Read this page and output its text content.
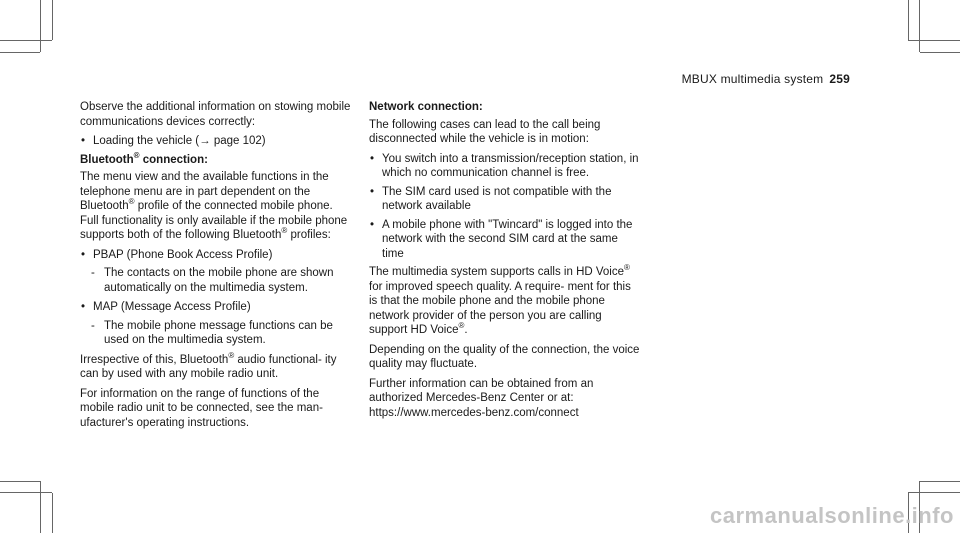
MBUX multimedia system 259

Observe the additional information on stowing mobile communications devices correctly:

• Loading the vehicle (→ page 102)
Bluetooth® connection:

The menu view and the available functions in the telephone menu are in part dependent on the Bluetooth® profile of the connected mobile phone. Full functionality is only available if the mobile phone supports both of the following Bluetooth® profiles:

• PBAP (Phone Book Access Profile)
- The contacts on the mobile phone are shown automatically on the multimedia system.
• MAP (Message Access Profile)
- The mobile phone message functions can be used on the multimedia system.

Irrespective of this, Bluetooth® audio functional- ity can by used with any mobile radio unit.

For information on the range of functions of the mobile radio unit to be connected, see the man- ufacturer's operating instructions.

Network connection:

The following cases can lead to the call being disconnected while the vehicle is in motion:

• You switch into a transmission/reception station, in which no communication channel is free.
• The SIM card used is not compatible with the network available
• A mobile phone with "Twincard" is logged into the network with the second SIM card at the same time

The multimedia system supports calls in HD Voice® for improved speech quality. A require- ment for this is that the mobile phone and the mobile phone network provider of the person you are calling support HD Voice®.

Depending on the quality of the connection, the voice quality may fluctuate.

Further information can be obtained from an authorized Mercedes-Benz Center or at:
https://www.mercedes-benz.com/connect

carmanualsonline.info
